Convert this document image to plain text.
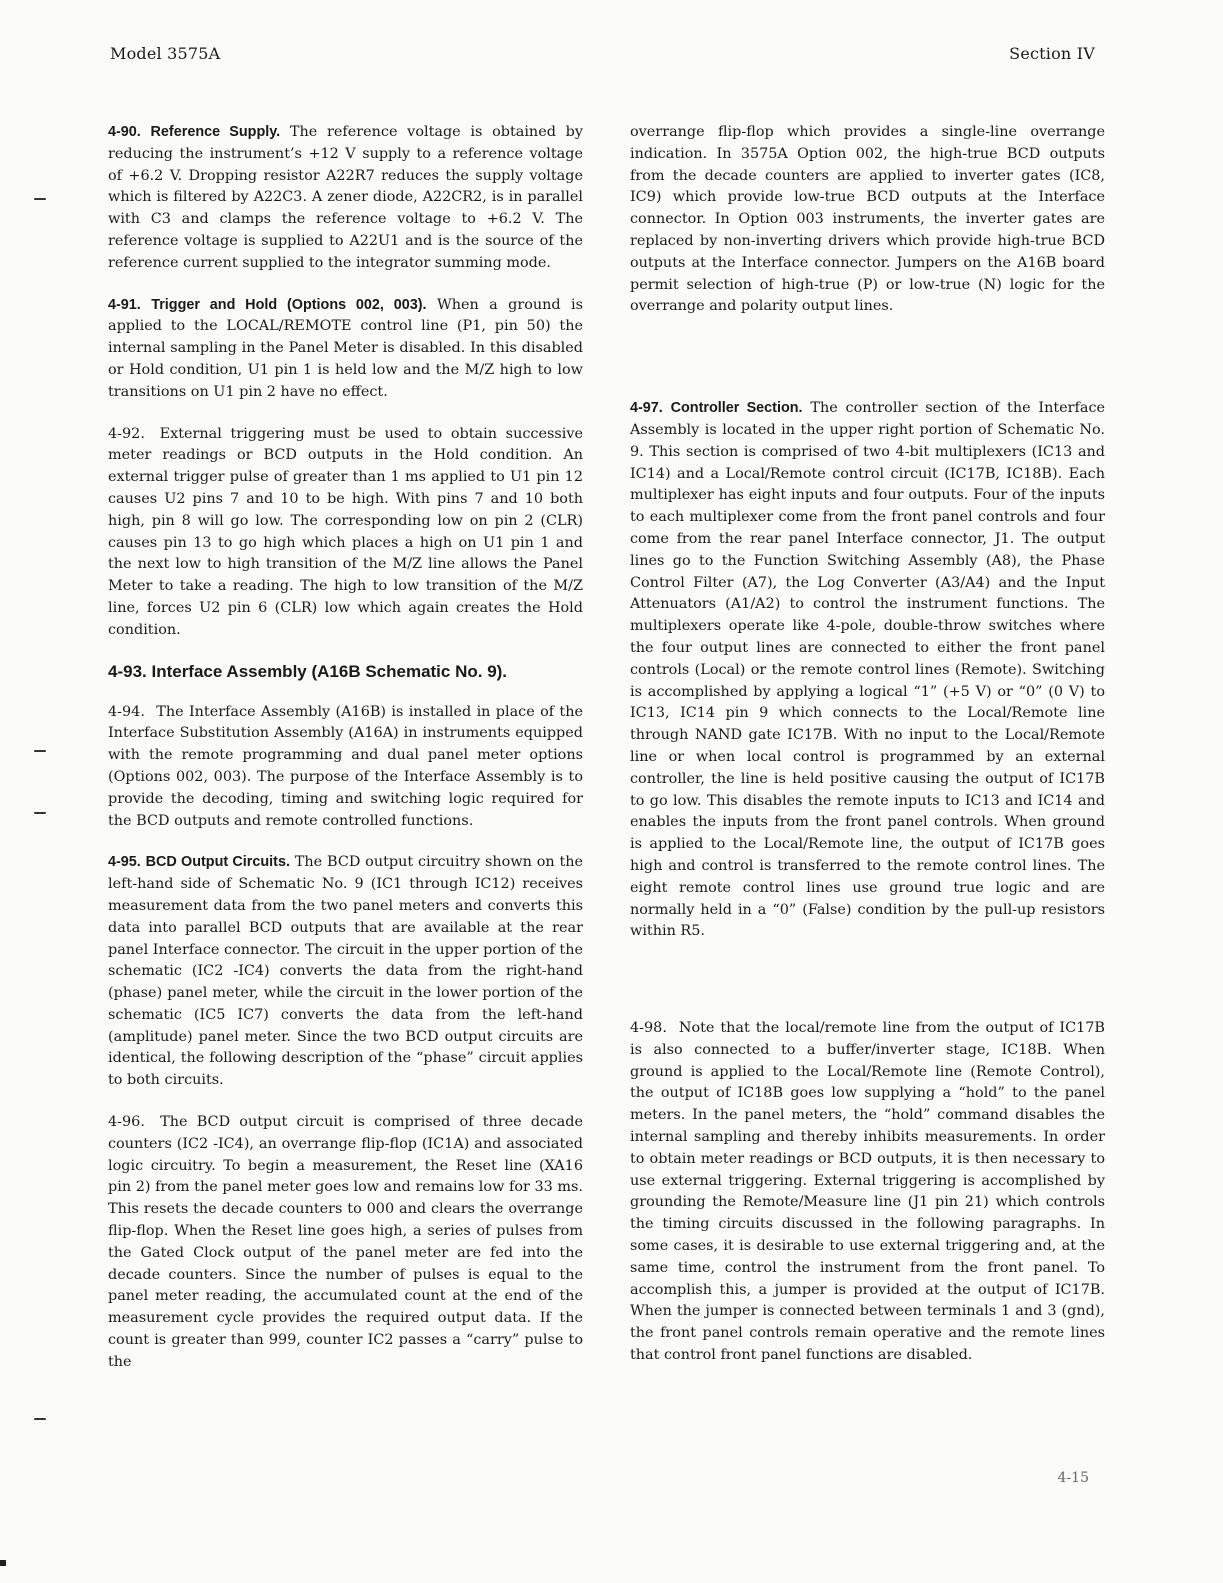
Model 3575A	Section IV

4-90. Reference Supply. The reference voltage is obtained by reducing the instrument’s +12 V supply to a reference voltage of +6.2 V. Dropping resistor A22R7 reduces the supply voltage which is filtered by A22C3. A zener diode, A22CR2, is in parallel with C3 and clamps the reference voltage to +6.2 V. The reference voltage is supplied to A22U1 and is the source of the reference current supplied to the integrator summing mode.

4-91. Trigger and Hold (Options 002, 003). When a ground is applied to the LOCAL/REMOTE control line (P1, pin 50) the internal sampling in the Panel Meter is disabled. In this disabled or Hold condition, U1 pin 1 is held low and the M/Z high to low transitions on U1 pin 2 have no effect.

4-92. External triggering must be used to obtain successive meter readings or BCD outputs in the Hold condition. An external trigger pulse of greater than 1 ms applied to U1 pin 12 causes U2 pins 7 and 10 to be high. With pins 7 and 10 both high, pin 8 will go low. The corresponding low on pin 2 (CLR) causes pin 13 to go high which places a high on U1 pin 1 and the next low to high transition of the M/Z line allows the Panel Meter to take a reading. The high to low transition of the M/Z line, forces U2 pin 6 (CLR) low which again creates the Hold condition.

4-93. Interface Assembly (A16B Schematic No. 9).

4-94. The Interface Assembly (A16B) is installed in place of the Interface Substitution Assembly (A16A) in instruments equipped with the remote programming and dual panel meter options (Options 002, 003). The purpose of the Interface Assembly is to provide the decoding, timing and switching logic required for the BCD outputs and remote controlled functions.

4-95. BCD Output Circuits. The BCD output circuitry shown on the left-hand side of Schematic No. 9 (IC1 through IC12) receives measurement data from the two panel meters and converts this data into parallel BCD outputs that are available at the rear panel Interface connector. The circuit in the upper portion of the schematic (IC2 -IC4) converts the data from the right-hand (phase) panel meter, while the circuit in the lower portion of the schematic (IC5 IC7) converts the data from the left-hand (amplitude) panel meter. Since the two BCD output circuits are identical, the following description of the “phase” circuit applies to both circuits.

4-96. The BCD output circuit is comprised of three decade counters (IC2 -IC4), an overrange flip-flop (IC1A) and associated logic circuitry. To begin a measurement, the Reset line (XA16 pin 2) from the panel meter goes low and remains low for 33 ms. This resets the decade counters to 000 and clears the overrange flip-flop. When the Reset line goes high, a series of pulses from the Gated Clock output of the panel meter are fed into the decade counters. Since the number of pulses is equal to the panel meter reading, the accumulated count at the end of the measurement cycle provides the required output data. If the count is greater than 999, counter IC2 passes a “carry” pulse to the

overrange flip-flop which provides a single-line overrange indication. In 3575A Option 002, the high-true BCD outputs from the decade counters are applied to inverter gates (IC8, IC9) which provide low-true BCD outputs at the Interface connector. In Option 003 instruments, the inverter gates are replaced by non-inverting drivers which provide high-true BCD outputs at the Interface connector. Jumpers on the A16B board permit selection of high-true (P) or low-true (N) logic for the overrange and polarity output lines.

4-97. Controller Section. The controller section of the Interface Assembly is located in the upper right portion of Schematic No. 9. This section is comprised of two 4-bit multiplexers (IC13 and IC14) and a Local/Remote control circuit (IC17B, IC18B). Each multiplexer has eight inputs and four outputs. Four of the inputs to each multiplexer come from the front panel controls and four come from the rear panel Interface connector, J1. The output lines go to the Function Switching Assembly (A8), the Phase Control Filter (A7), the Log Converter (A3/A4) and the Input Attenuators (A1/A2) to control the instrument functions. The multiplexers operate like 4-pole, double-throw switches where the four output lines are connected to either the front panel controls (Local) or the remote control lines (Remote). Switching is accomplished by applying a logical “1” (+5 V) or “0” (0 V) to IC13, IC14 pin 9 which connects to the Local/Remote line through NAND gate IC17B. With no input to the Local/Remote line or when local control is programmed by an external controller, the line is held positive causing the output of IC17B to go low. This disables the remote inputs to IC13 and IC14 and enables the inputs from the front panel controls. When ground is applied to the Local/Remote line, the output of IC17B goes high and control is transferred to the remote control lines. The eight remote control lines use ground true logic and are normally held in a “0” (False) condition by the pull-up resistors within R5.

4-98. Note that the local/remote line from the output of IC17B is also connected to a buffer/inverter stage, IC18B. When ground is applied to the Local/Remote line (Remote Control), the output of IC18B goes low supplying a “hold” to the panel meters. In the panel meters, the “hold” command disables the internal sampling and thereby inhibits measurements. In order to obtain meter readings or BCD outputs, it is then necessary to use external triggering. External triggering is accomplished by grounding the Remote/Measure line (J1 pin 21) which controls the timing circuits discussed in the following paragraphs. In some cases, it is desirable to use external triggering and, at the same time, control the instrument from the front panel. To accomplish this, a jumper is provided at the output of IC17B. When the jumper is connected between terminals 1 and 3 (gnd), the front panel controls remain operative and the remote lines that control front panel functions are disabled.

4-15
